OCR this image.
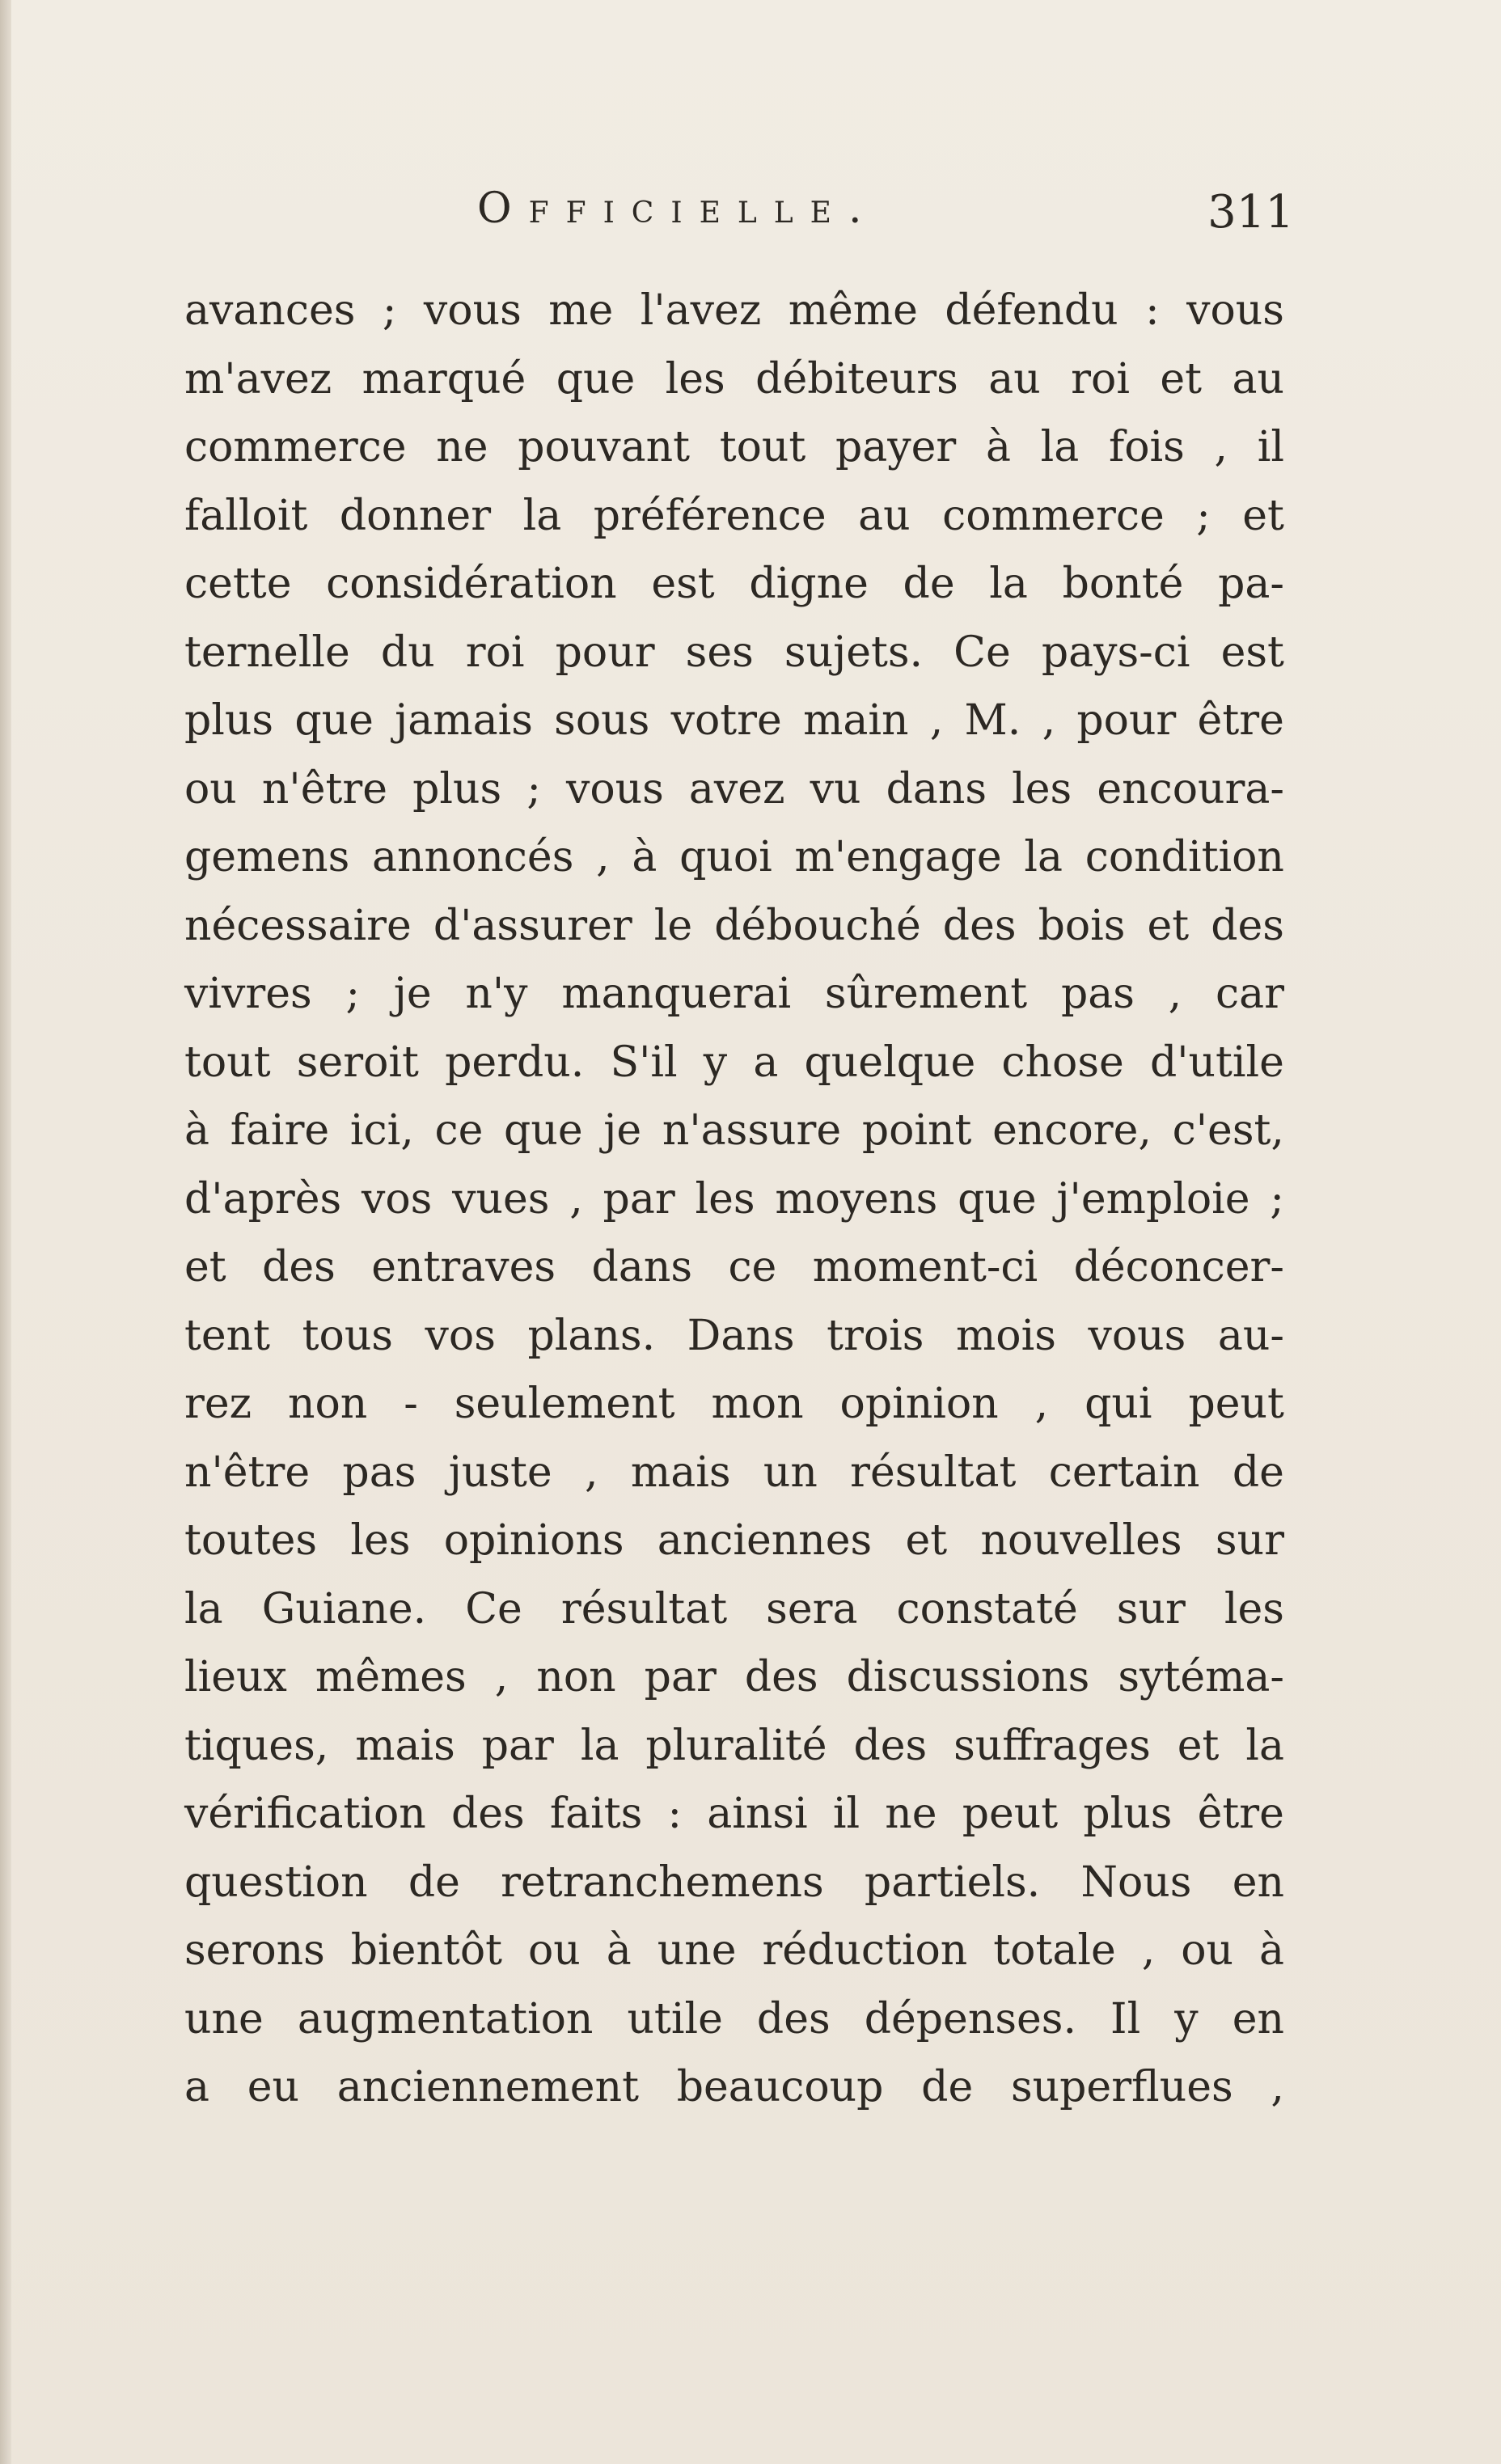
Officielle.	311
avances ; vous me l'avez même défendu : vous
m'avez marqué que les débiteurs au roi et au
commerce ne pouvant tout payer à la fois , il
falloit donner la préférence au commerce ; et
cette considération est digne de la bonté pa-
ternelle du roi pour ses sujets. Ce pays-ci est
plus que jamais sous votre main , M. , pour être
ou n'être plus ; vous avez vu dans les encoura-
gemens annoncés , à quoi m'engage la condition
nécessaire d'assurer le débouché des bois et des
vivres ; je n'y manquerai sûrement pas , car
tout seroit perdu. S'il y a quelque chose d'utile
à faire ici, ce que je n'assure point encore, c'est,
d'après vos vues , par les moyens que j'emploie ;
et des entraves dans ce moment-ci déconcer-
tent tous vos plans. Dans trois mois vous au-
rez non - seulement mon opinion , qui peut
n'être pas juste , mais un résultat certain de
toutes les opinions anciennes et nouvelles sur
la Guiane. Ce résultat sera constaté sur les
lieux mêmes , non par des discussions sytéma-
tiques, mais par la pluralité des suffrages et la
vérification des faits : ainsi il ne peut plus être
question de retranchemens partiels. Nous en
serons bientôt ou à une réduction totale , ou à
une augmentation utile des dépenses. Il y en
a eu anciennement beaucoup de superflues ,
